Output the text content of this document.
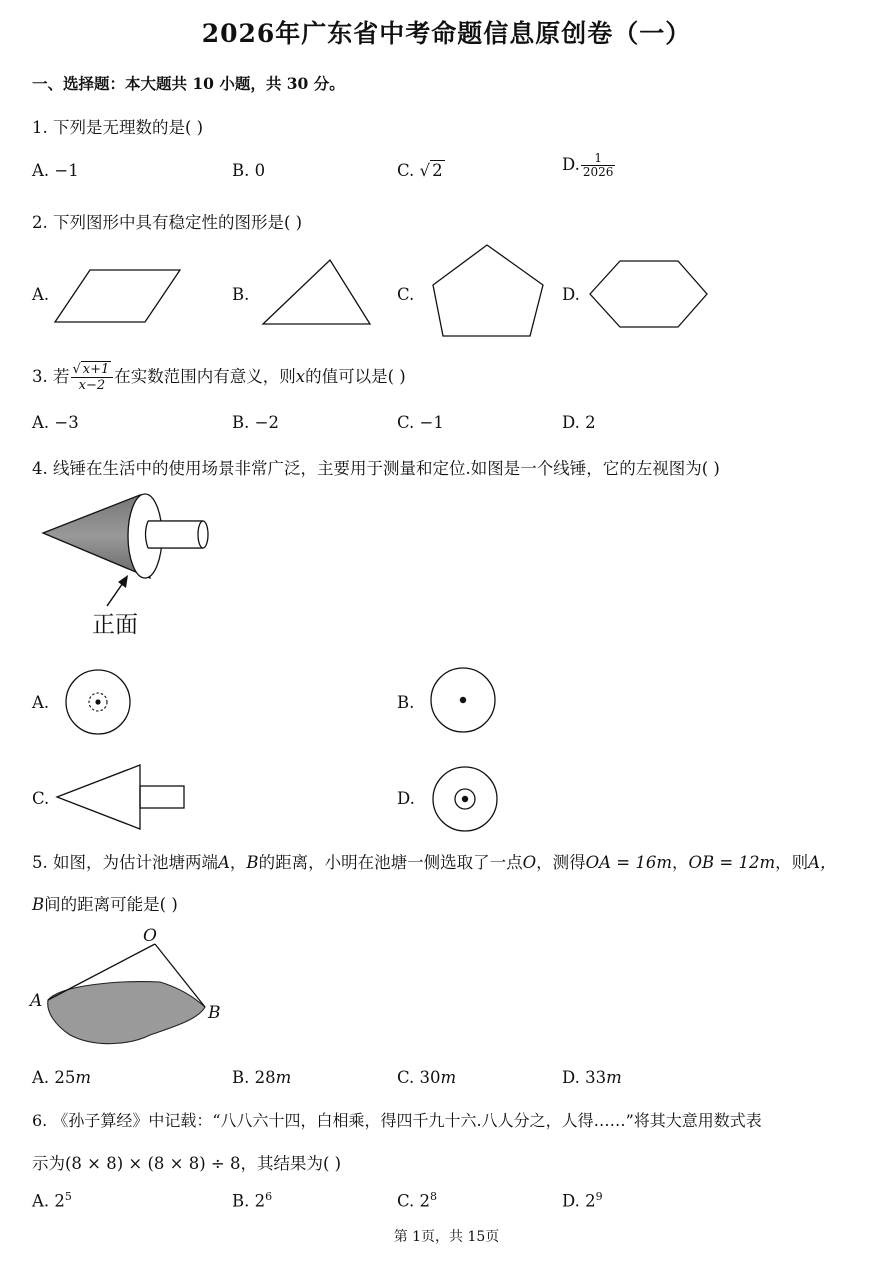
2026年广东省中考命题信息原创卷（一）
一、选择题：本大题共 10 小题，共 30 分。
1. 下列是无理数的是( )
A. −1	B. 0	C. √ 2	D. $\frac{1}{2026}$
2. 下列图形中具有稳定性的图形是( )
A.	B.	C.	D.
3. 若 $\frac{√ x+1}{x-2}$ 在实数范围内有意义，则x的值可以是( )
A. −3	B. −2	C. −1	D. 2
4. 线锤在生活中的使用场景非常广泛，主要用于测量和定位.如图是一个线锤，它的左视图为( )
正面
A.	B.
C.	D.
5. 如图，为估计池塘两端A，B的距离，小明在池塘一侧选取了一点O，测得OA = 16m，OB = 12m，则A，
B间的距离可能是( )
O
A
B
A. 25m	B. 28m	C. 30m	D. 33m
6. 《孙子算经》中记载：“八八六十四，白相乘，得四千九十六.八人分之，人得……”将其大意用数式表
示为(8 × 8) × (8 × 8) ÷ 8，其结果为( )
A. $2^5$	B. $2^6$	C. $2^8$	D. $2^9$
第 1页，共 15页
